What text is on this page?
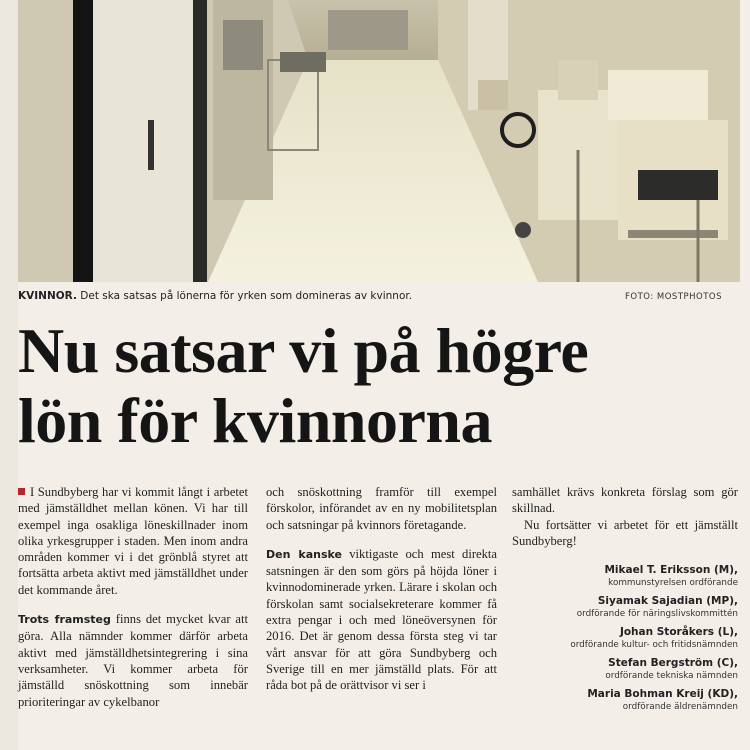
KVINNOR. Det ska satsas på lönerna för yrken som domineras av kvinnor.	FOTO: MOSTPHOTOS
Nu satsar vi på högre
lön för kvinnorna

I Sundbyberg har vi kommit långt i arbetet med jämställdhet mellan könen. Vi har till exempel inga osakliga löneskillnader inom olika yrkesgrupper i staden. Men inom andra områden kommer vi i det grönblå styret att fortsätta arbeta aktivt med jämställdhet under det kommande året.

Trots framsteg finns det mycket kvar att göra. Alla nämnder kommer därför arbeta aktivt med jämställdhetsintegrering i sina verksamheter. Vi kommer arbeta för jämställd snöskottning som innebär prioriteringar av cykelbanor

och snöskottning framför till exempel förskolor, införandet av en ny mobilitetsplan och satsningar på kvinnors företagande.

Den kanske viktigaste och mest direkta satsningen är den som görs på höjda löner i kvinnodominerade yrken. Lärare i skolan och förskolan samt socialsekreterare kommer få extra pengar i och med löneöversynen för 2016. Det är genom dessa första steg vi tar vårt ansvar för att göra Sundbyberg och Sverige till en mer jämställd plats. För att råda bot på de orättvisor vi ser i

samhället krävs konkreta förslag som gör skillnad.

Nu fortsätter vi arbetet för ett jämställt Sundbyberg!

Mikael T. Eriksson (M),
kommunstyrelsen ordförande
Siyamak Sajadian (MP),
ordförande för näringslivskommittén
Johan Storåkers (L),
ordförande kultur- och fritidsnämnden
Stefan Bergström (C),
ordförande tekniska nämnden
Maria Bohman Kreij (KD),
ordförande äldrenämnden
